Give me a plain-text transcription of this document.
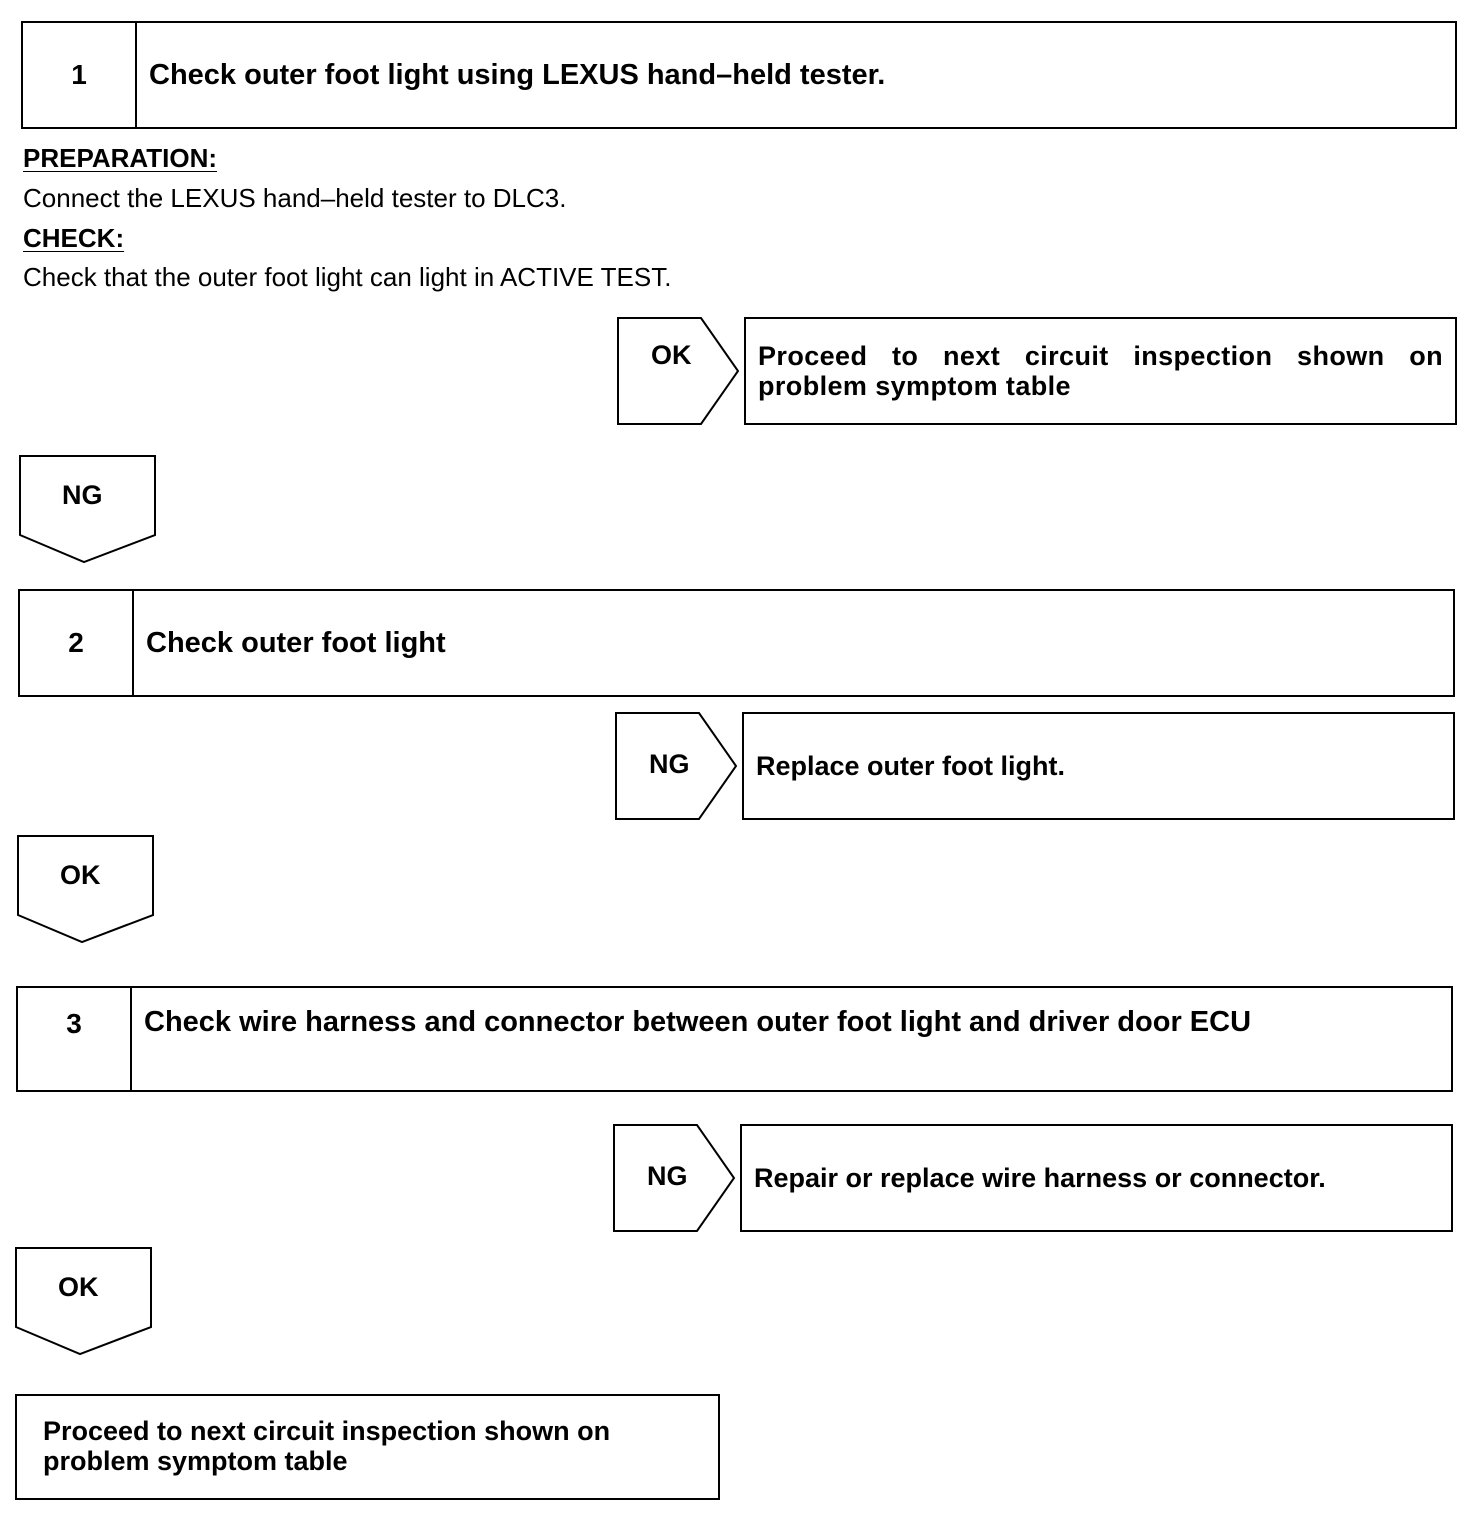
1	Check outer foot light using LEXUS hand–held tester.
PREPARATION:
Connect the LEXUS hand–held tester to DLC3.
CHECK:
Check that the outer foot light can light in ACTIVE TEST.
OK Proceed to next circuit inspection shown on problem symptom table
NG
2	Check outer foot light
NG Replace outer foot light.
OK
3	Check wire harness and connector between outer foot light and driver door ECU
NG Repair or replace wire harness or connector.
OK
Proceed to next circuit inspection shown on
problem symptom table
